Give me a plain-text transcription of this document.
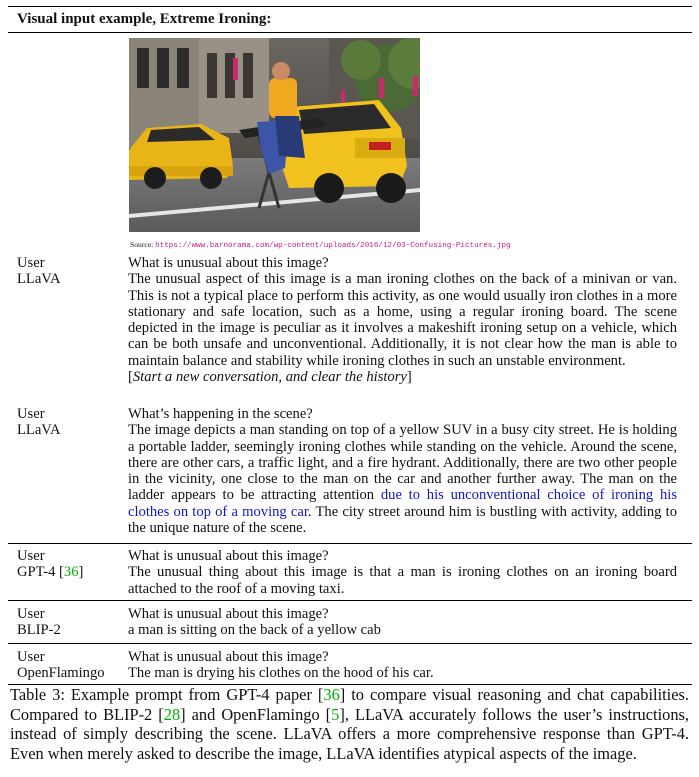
Visual input example, Extreme Ironing:
Source: https://www.barnorama.com/wp-content/uploads/2016/12/03-Confusing-Pictures.jpg
User
LLaVA

What is unusual about this image?

The unusual aspect of this image is a man ironing clothes on the back of a minivan or van. This is not a typical place to perform this activity, as one would usually iron clothes in a more stationary and safe location, such as a home, using a regular ironing board. The scene depicted in the image is peculiar as it involves a makeshift ironing setup on a vehicle, which can be both unsafe and unconventional. Additionally, it is not clear how the man is able to maintain balance and stability while ironing clothes in such an unstable environment.

[Start a new conversation, and clear the history]

User
LLaVA

What’s happening in the scene?

The image depicts a man standing on top of a yellow SUV in a busy city street. He is holding a portable ladder, seemingly ironing clothes while standing on the vehicle. Around the scene, there are other cars, a traffic light, and a fire hydrant. Additionally, there are two other people in the vicinity, one close to the man on the car and another further away. The man on the ladder appears to be attracting attention due to his unconventional choice of ironing his clothes on top of a moving car. The city street around him is bustling with activity, adding to the unique nature of the scene.

User
GPT-4 [36]

What is unusual about this image?

The unusual thing about this image is that a man is ironing clothes on an ironing board attached to the roof of a moving taxi.

User
BLIP-2

What is unusual about this image?

a man is sitting on the back of a yellow cab

User
OpenFlamingo

What is unusual about this image?

The man is drying his clothes on the hood of his car.

Table 3: Example prompt from GPT-4 paper [36] to compare visual reasoning and chat capabilities. Compared to BLIP-2 [28] and OpenFlamingo [5], LLaVA accurately follows the user’s instructions, instead of simply describing the scene. LLaVA offers a more comprehensive response than GPT-4. Even when merely asked to describe the image, LLaVA identifies atypical aspects of the image.
